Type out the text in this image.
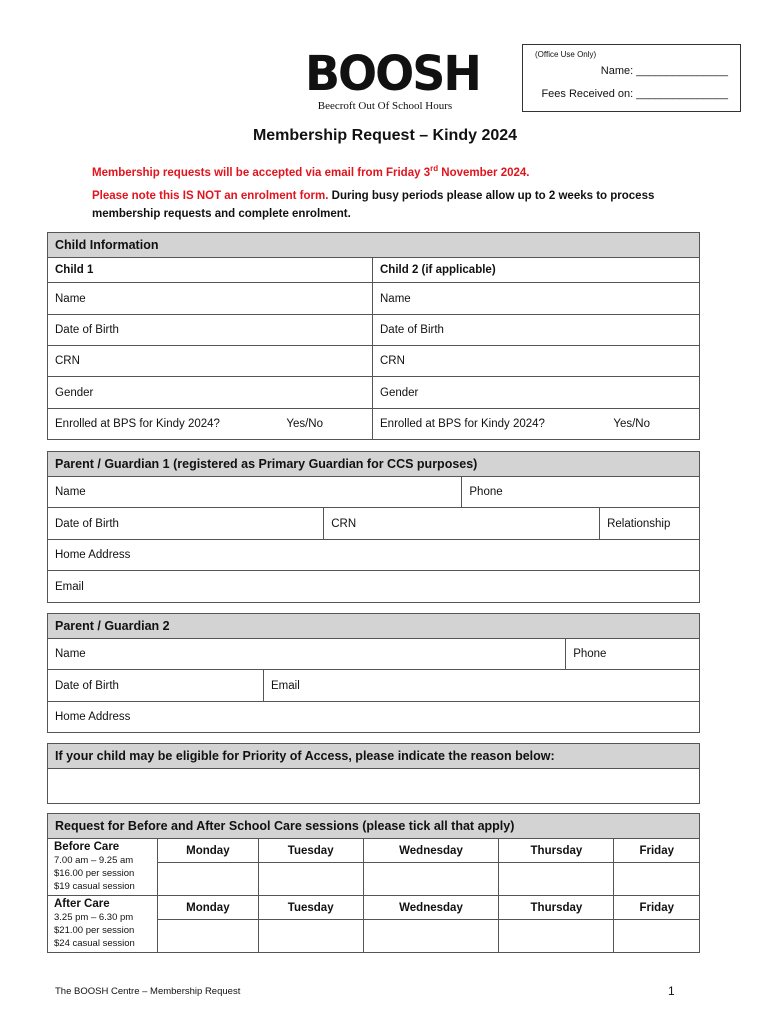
BOOSH
Beecroft Out Of School Hours
(Office Use Only)
Name: _______________
Fees Received on: _______________
Membership Request – Kindy 2024
Membership requests will be accepted via email from Friday 3rd November 2024.
Please note this IS NOT an enrolment form. During busy periods please allow up to 2 weeks to process membership requests and complete enrolment.
Child Information	
Child 1	Child 2 (if applicable)
Name	Name
Date of Birth	Date of Birth
CRN	CRN
Gender	Gender
Enrolled at BPS for Kindy 2024? Yes/No	Enrolled at BPS for Kindy 2024? Yes/No
Parent / Guardian 1 (registered as Primary Guardian for CCS purposes)			
Name		Phone	
Date of Birth	CRN		Relationship
Home Address			
Email			
Parent / Guardian 2		
Name		Phone
Date of Birth	Email	
Home Address		
If your child may be eligible for Priority of Access, please indicate the reason below:

Request for Before and After School Care sessions (please tick all that apply)					
Before Care
7.00 am – 9.25 am
$16.00 per session
$19 casual session	Monday	Tuesday	Wednesday	Thursday	Friday

After Care
3.25 pm – 6.30 pm
$21.00 per session
$24 casual session	Monday	Tuesday	Wednesday	Thursday	Friday

The BOOSH Centre – Membership Request	1
